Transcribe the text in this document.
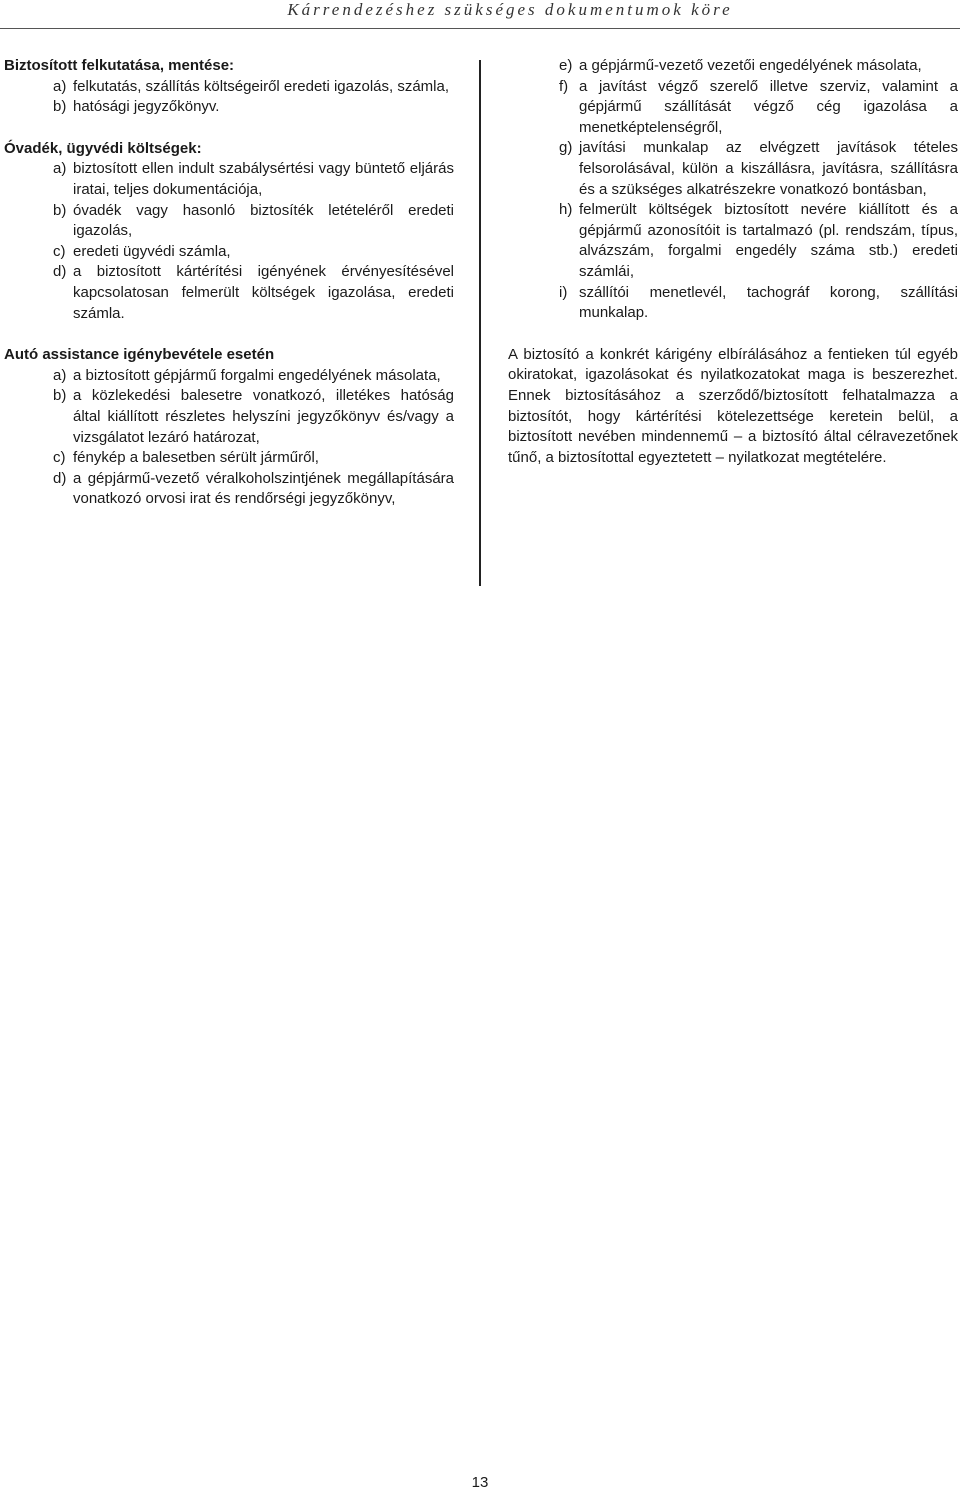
Kárrendezéshez szükséges dokumentumok köre

Biztosított felkutatása, mentése:

a) felkutatás, szállítás költségeiről eredeti igazolás, számla,
b) hatósági jegyzőkönyv.

Óvadék, ügyvédi költségek:

a) biztosított ellen indult szabálysértési vagy büntető eljárás iratai, teljes dokumentációja,
b) óvadék vagy hasonló biztosíték letételéről eredeti igazolás,
c) eredeti ügyvédi számla,
d) a biztosított kártérítési igényének érvényesítésével kapcsolatosan felmerült költségek igazolása, eredeti számla.

Autó assistance igénybevétele esetén

a) a biztosított gépjármű forgalmi engedélyének másolata,
b) a közlekedési balesetre vonatkozó, illetékes hatóság által kiállított részletes helyszíni jegyzőkönyv és/vagy a vizsgálatot lezáró határozat,
c) fénykép a balesetben sérült járműről,
d) a gépjármű-vezető véralkoholszintjének megállapítására vonatkozó orvosi irat és rendőrségi jegyzőkönyv,
e) a gépjármű-vezető vezetői engedélyének másolata,
f) a javítást végző szerelő illetve szerviz, valamint a gépjármű szállítását végző cég igazolása a menetképtelenségről,
g) javítási munkalap az elvégzett javítások tételes felsorolásával, külön a kiszállásra, javításra, szállításra és a szükséges alkatrészekre vonatkozó bontásban,
h) felmerült költségek biztosított nevére kiállított és a gépjármű azonosítóit is tartalmazó (pl. rendszám, típus, alvázszám, forgalmi engedély száma stb.) eredeti számlái,
i) szállítói menetlevél, tachográf korong, szállítási munkalap.

A biztosító a konkrét kárigény elbírálásához a fentieken túl egyéb okiratokat, igazolásokat és nyilatkozatokat maga is beszerezhet. Ennek biztosításához a szerződő/biztosított felhatalmazza a biztosítót, hogy kártérítési kötelezettsége keretein belül, a biztosított nevében mindennemű – a biztosító által célravezetőnek tűnő, a biztosítottal egyeztetett – nyilatkozat megtételére.

13
